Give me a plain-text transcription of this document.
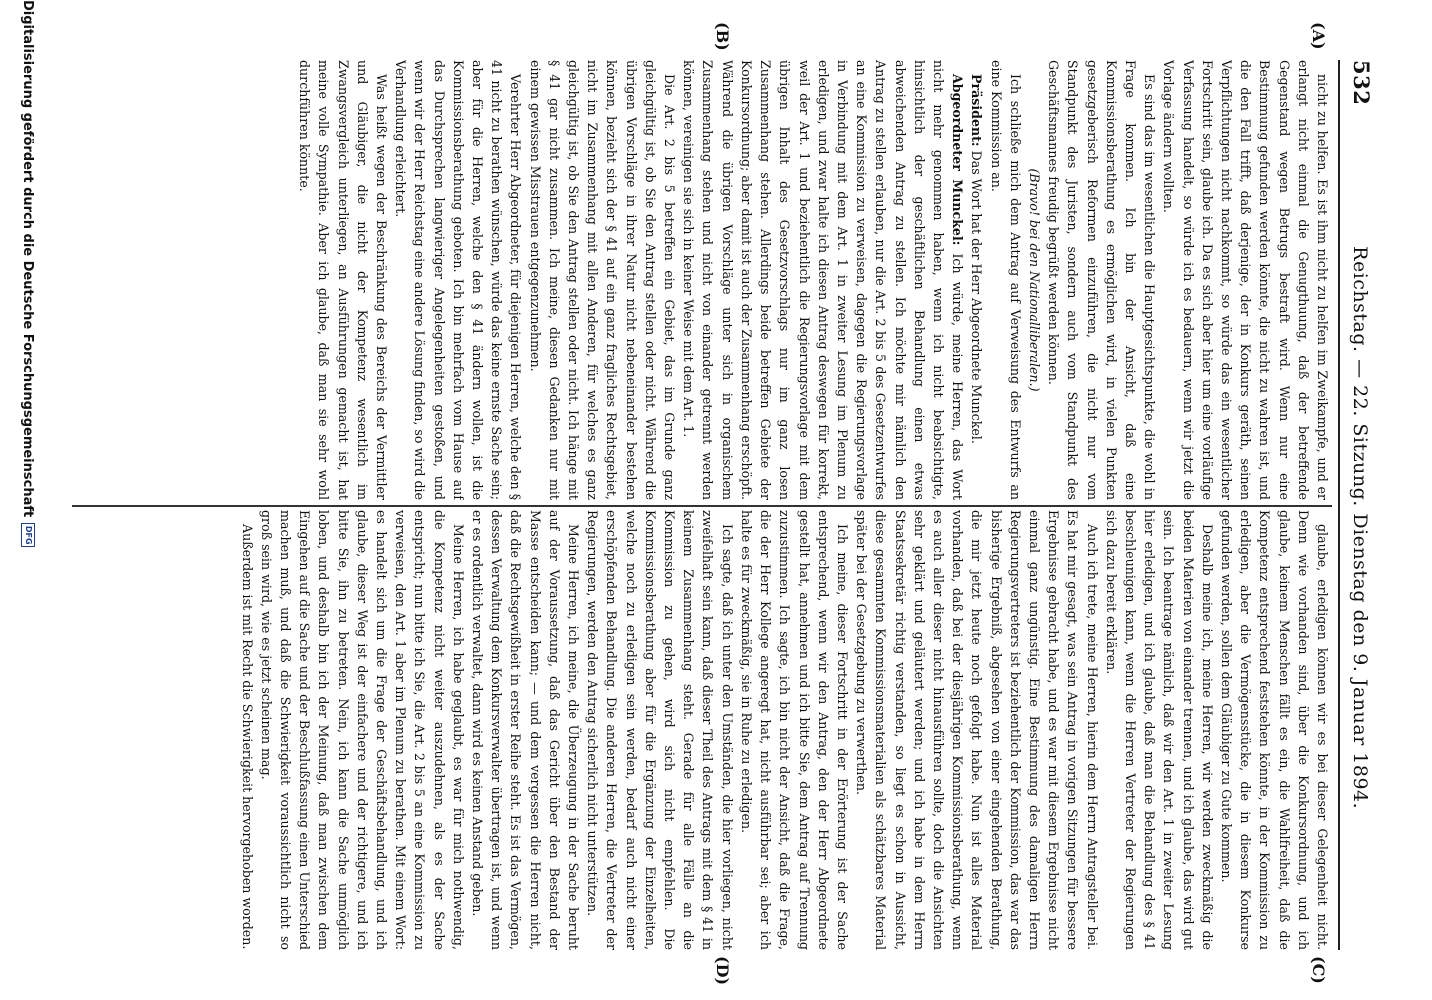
532
Reichstag. — 22. Sitzung. Dienstag den 9. Januar 1894.
(A)
(B)
(C)
(D)

nicht zu helfen. Es ist ihm nicht zu helfen im Zweikampfe, und er erlangt nicht einmal die Genugthuung, daß der betreffende Gegenstand wegen Betrugs bestraft wird. Wenn nur eine Bestimmung gefunden werden könnte, die nicht zu wahren ist, und die den Fall trifft, daß derjenige, der in Konkurs geräth, seinen Verpflichtungen nicht nachkommt, so würde das ein wesentlicher Fortschritt sein, glaube ich. Da es sich aber hier um eine vorläufige Verfassung handelt, so würde ich es bedauern, wenn wir jetzt die Vorlage ändern wollten.

Es sind das im wesentlichen die Hauptgesichtspunkte, die wohl in Frage kommen. Ich bin der Ansicht, daß eine Kommissionsberathung es ermöglichen wird, in vielen Punkten gesetzgeberisch Reformen einzuführen, die nicht nur vom Standpunkt des Juristen, sondern auch vom Standpunkt des Geschäftsmannes freudig begrüßt werden können.

(Bravo! bei den Nationalliberalen.)

Ich schließe mich dem Antrag auf Verweisung des Entwurfs an eine Kommission an.

Präsident: Das Wort hat der Herr Abgeordnete Munckel.

Abgeordneter Munckel: Ich würde, meine Herren, das Wort nicht mehr genommen haben, wenn ich nicht beabsichtigte, hinsichtlich der geschäftlichen Behandlung einen etwas abweichenden Antrag zu stellen. Ich möchte mir nämlich den Antrag zu stellen erlauben, nur die Art. 2 bis 5 des Gesetzentwurfes an eine Kommission zu verweisen, dagegen die Regierungsvorlage in Verbindung mit dem Art. 1 in zweiter Lesung im Plenum zu erledigen, und zwar halte ich diesen Antrag deswegen für korrekt, weil der Art. 1 und beziehentlich die Regierungsvorlage mit dem übrigen Inhalt des Gesetzvorschlags nur im ganz losen Zusammenhang stehen. Allerdings beide betreffen Gebiete der Konkursordnung; aber damit ist auch der Zusammenhang erschöpft. Während die übrigen Vorschläge unter sich in organischem Zusammenhang stehen und nicht von einander getrennt werden können, vereinigen sie sich in keiner Weise mit dem Art. 1.

Die Art. 2 bis 5 betreffen ein Gebiet, das im Grunde ganz gleichgültig ist, ob Sie den Antrag stellen oder nicht. Während die übrigen Vorschläge in ihrer Natur nicht nebeneinander bestehen können, bezieht sich der § 41 auf ein ganz fragliches Rechtsgebiet, nicht im Zusammenhang mit allen Anderen, für welches es ganz gleichgültig ist, ob Sie den Antrag stellen oder nicht. Ich hänge mit § 41 gar nicht zusammen. Ich meine, diesen Gedanken nur mit einem gewissen Misstrauen entgegenzunehmen.

Verehrter Herr Abgeordneter, für diejenigen Herren, welche den § 41 nicht zu berathen wünschen, würde das keine ernste Sache sein; aber für die Herren, welche den § 41 ändern wollen, ist die Kommissionsberathung geboten. Ich bin mehrfach vom Hause auf das Durchsprechen langwieriger Angelegenheiten gestoßen, und wenn wir der Herr Reichstag eine andere Lösung finden, so wird die Verhandlung erleichtert.

Was heißt wegen der Beschränkung des Bereichs der Vermittler und Gläubiger, die nicht der Kompetenz wesentlich im Zwangsvergleich unterliegen, an Ausführungen gemacht ist, hat meine volle Sympathie. Aber ich glaube, daß man sie sehr wohl durchführen könnte.

glaube, erledigen können wir es bei dieser Gelegenheit nicht. Denn wie vorhanden sind, über die Konkursordnung, und ich glaube, keinem Menschen fällt es ein, die Wahlfreiheit, daß die Kompetenz entsprechend feststehen könnte, in der Kommission zu erledigen, aber die Vermögensstücke, die in diesem Konkurse gefunden werden, sollen dem Gläubiger zu Gute kommen.

Deshalb meine ich, meine Herren, wir werden zweckmäßig die beiden Materien von einander trennen, und ich glaube, das wird gut sein. Ich beantrage nämlich, daß wir den Art. 1 in zweiter Lesung hier erledigen, und ich glaube, daß man die Behandlung des § 41 beschleunigen kann, wenn die Herren Vertreter der Regierungen sich dazu bereit erklären.

Auch ich trete, meine Herren, hierin dem Herrn Antragsteller bei. Es hat mir gesagt, was sein Antrag in vorigen Sitzungen für bessere Ergebnisse gebracht habe, und es war mit diesem Ergebnisse nicht einmal ganz ungünstig. Eine Bestimmung des damaligen Herrn Regierungsvertreters ist beziehentlich der Kommission, das war das bisherige Ergebniß, abgesehen von einer eingehenden Berathung, die mir jetzt heute noch gefolgt habe. Nun ist alles Material vorhanden, daß bei der diesjährigen Kommissionsberathung, wenn es auch aller dieser nicht hinausführen sollte, doch die Ansichten sehr geklärt und geläutert werden; und ich habe in dem Herrn Staatssekretär richtig verstanden, so liegt es schon in Aussicht, diese gesammten Kommissionsmaterialien als schätzbares Material später bei der Gesetzgebung zu verwerthen.

Ich meine, dieser Fortschritt in der Erörterung ist der Sache entsprechend, wenn wir den Antrag, den der Herr Abgeordnete gestellt hat, annehmen und ich bitte Sie, dem Antrag auf Trennung zuzustimmen. Ich sagte, ich bin nicht der Ansicht, daß die Frage, die der Herr Kollege angeregt hat, nicht ausführbar sei; aber ich halte es für zweckmäßig, sie in Ruhe zu erledigen.

Ich sagte, daß ich unter den Umständen, die hier vorliegen, nicht zweifelhaft sein kann, daß dieser Theil des Antrags mit dem § 41 in keinem Zusammenhang steht. Gerade für alle Fälle an die Kommission zu gehen, wird sich nicht empfehlen. Die Kommissionsberathung aber für die Ergänzung der Einzelheiten, welche noch zu erledigen sein werden, bedarf auch nicht einer erschöpfenden Behandlung. Die anderen Herren, die Vertreter der Regierungen, werden den Antrag sicherlich nicht unterstützen.

Meine Herren, ich meine, die Überzeugung in der Sache beruht auf der Voraussetzung, daß das Gericht über den Bestand der Masse entscheiden kann; — und dem vergessen die Herren nicht, daß die Rechtsgewißheit in erster Reihe steht. Es ist das Vermögen, dessen Verwaltung dem Konkursverwalter übertragen ist, und wenn er es ordentlich verwaltet, dann wird es keinen Anstand geben.

Meine Herren, ich habe geglaubt, es war für mich nothwendig, die Kompetenz nicht weiter auszudehnen, als es der Sache entspricht; nun bitte ich Sie, die Art. 2 bis 5 an eine Kommission zu verweisen, den Art. 1 aber im Plenum zu berathen. Mit einem Wort: es handelt sich um die Frage der Geschäftsbehandlung, und ich glaube, dieser Weg ist der einfachere und der richtigere, und ich bitte Sie, ihn zu betreten. Nein, ich kann die Sache unmöglich loben, und deshalb bin ich der Meinung, daß man zwischen dem Eingehen auf die Sache und der Beschlußfassung einen Unterschied machen muß, und daß die Schwierigkeit voraussichtlich nicht so groß sein wird, wie es jetzt scheinen mag.

Außerdem ist mit Recht die Schwierigkeit hervorgehoben worden.

Digitalisierung gefördert durch die Deutsche Forschungsgemeinschaft
DFG
